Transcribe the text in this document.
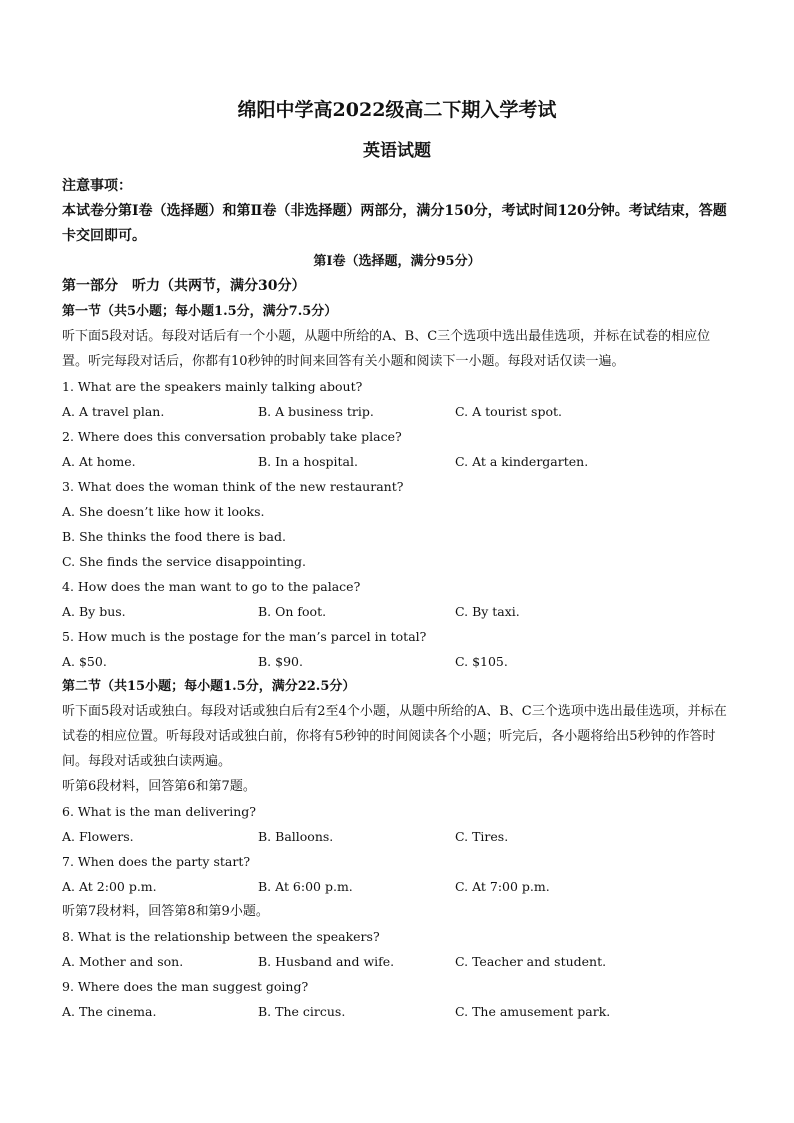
绵阳中学高2022级高二下期入学考试
英语试题
注意事项：
本试卷分第Ⅰ卷（选择题）和第Ⅱ卷（非选择题）两部分，满分150分，考试时间120分钟。考试结束，答题卡交回即可。
第Ⅰ卷（选择题，满分95分）
第一部分　听力（共两节，满分30分）
第一节（共5小题；每小题1.5分，满分7.5分）
听下面5段对话。每段对话后有一个小题，从题中所给的A、B、C三个选项中选出最佳选项，并标在试卷的相应位置。听完每段对话后，你都有10秒钟的时间来回答有关小题和阅读下一小题。每段对话仅读一遍。
1. What are the speakers mainly talking about?
A. A travel plan.	B. A business trip.	C. A tourist spot.
2. Where does this conversation probably take place?
A. At home.	B. In a hospital.	C. At a kindergarten.
3. What does the woman think of the new restaurant?
A. She doesn’t like how it looks.
B. She thinks the food there is bad.
C. She finds the service disappointing.
4. How does the man want to go to the palace?
A. By bus.	B. On foot.	C. By taxi.
5. How much is the postage for the man’s parcel in total?
A. $50.	B. $90.	C. $105.
第二节（共15小题；每小题1.5分，满分22.5分）
听下面5段对话或独白。每段对话或独白后有2至4个小题，从题中所给的A、B、C三个选项中选出最佳选项，并标在试卷的相应位置。听每段对话或独白前，你将有5秒钟的时间阅读各个小题；听完后，各小题将给出5秒钟的作答时间。每段对话或独白读两遍。
听第6段材料，回答第6和第7题。
6. What is the man delivering?
A. Flowers.	B. Balloons.	C. Tires.
7. When does the party start?
A. At 2:00 p.m.	B. At 6:00 p.m.	C. At 7:00 p.m.
听第7段材料，回答第8和第9小题。
8. What is the relationship between the speakers?
A. Mother and son.	B. Husband and wife.	C. Teacher and student.
9. Where does the man suggest going?
A. The cinema.	B. The circus.	C. The amusement park.
